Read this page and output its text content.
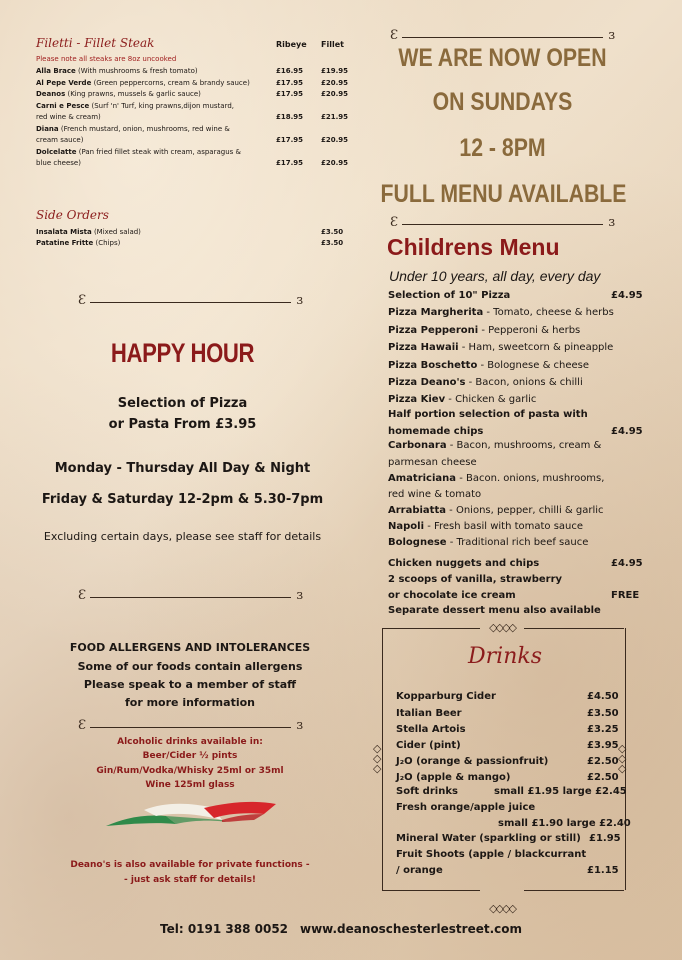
Filetti - Fillet Steak	Ribeye Fillet
Please note all steaks are 8oz uncooked
Alla Brace (With mushrooms & fresh tomato)	£16.95	£19.95
Al Pepe Verde (Green peppercorns, cream & brandy sauce)	£17.95	£20.95
Deanos (King prawns, mussels & garlic sauce)	£17.95	£20.95
Carni e Pesce (Surf 'n' Turf, king prawns,dijon mustard,
red wine & cream)	£18.95	£21.95
Diana (French mustard, onion, mushrooms, red wine &
cream sauce)	£17.95	£20.95
Dolcelatte (Pan fried fillet steak with cream, asparagus &
blue cheese)	£17.95	£20.95
Side Orders
Insalata Mista (Mixed salad)	£3.50
Patatine Fritte (Chips)	£3.50
Ɛ	ɜ
HAPPY HOUR
Selection of Pizza
or Pasta From £3.95
Monday - Thursday All Day & Night
Friday & Saturday 12-2pm & 5.30-7pm
Excluding certain days, please see staff for details
Ɛ	ɜ
FOOD ALLERGENS AND INTOLERANCES
Some of our foods contain allergens
Please speak to a member of staff
for more information
Ɛ	ɜ
Alcoholic drinks available in:
Beer/Cider ½ pints
Gin/Rum/Vodka/Whisky 25ml or 35ml
Wine 125ml glass
Deano's is also available for private functions -
- just ask staff for details!
Ɛ	ɜ
WE ARE NOW OPEN
ON SUNDAYS
12 - 8PM
FULL MENU AVAILABLE
Ɛ	ɜ
Childrens Menu
Under 10 years, all day, every day
Selection of 10" Pizza	£4.95
Pizza Margherita - Tomato, cheese & herbs
Pizza Pepperoni - Pepperoni & herbs
Pizza Hawaii - Ham, sweetcorn & pineapple
Pizza Boschetto - Bolognese & cheese
Pizza Deano's - Bacon, onions & chilli
Pizza Kiev - Chicken & garlic
Half portion selection of pasta with
homemade chips	£4.95
Carbonara - Bacon, mushrooms, cream &
parmesan cheese
Amatriciana - Bacon. onions, mushrooms,
red wine & tomato
Arrabiatta - Onions, pepper, chilli & garlic
Napoli - Fresh basil with tomato sauce
Bolognese - Traditional rich beef sauce
Chicken nuggets and chips	£4.95
2 scoops of vanilla, strawberry
or chocolate ice cream	FREE
Separate dessert menu also available
◇◇◇◇
◇◇◇◇
◇
◇
◇
◇
◇
◇
Drinks
Kopparburg Cider	£4.50
Italian Beer	£3.50
Stella Artois	£3.25
Cider (pint)	£3.95
J₂O (orange & passionfruit)	£2.50
J₂O (apple & mango)	£2.50
Soft drinks	small £1.95 large £2.45
Fresh orange/apple juice
small £1.90 large £2.40
Mineral Water (sparkling or still) £1.95
Fruit Shoots (apple / blackcurrant
/ orange	£1.15
Tel: 0191 388 0052 www.deanoschesterlestreet.com
